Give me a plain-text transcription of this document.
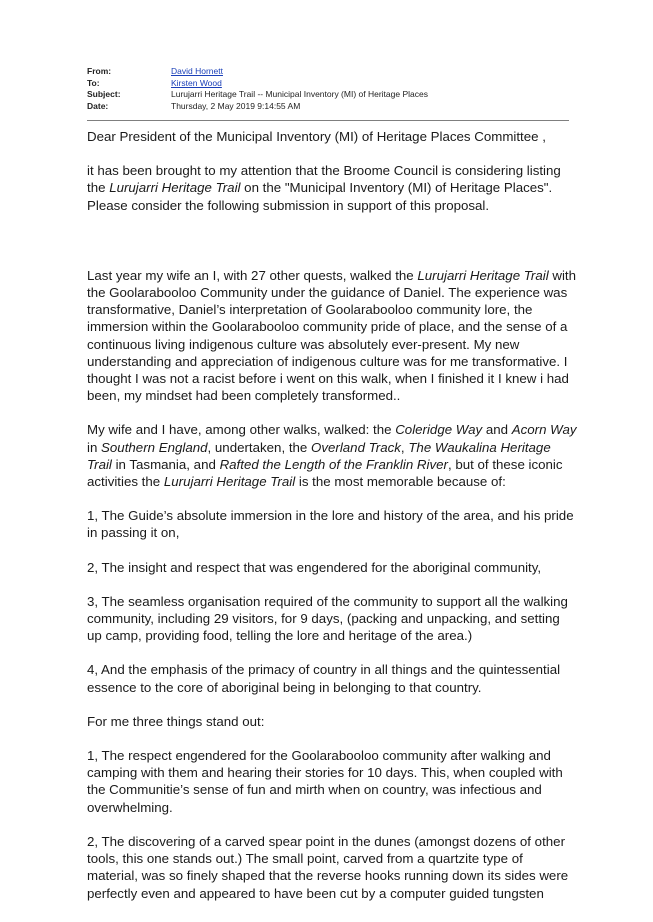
From:	David Hornett
To:	Kirsten Wood
Subject:	Lurujarri Heritage Trail -- Municipal Inventory (MI) of Heritage Places
Date:	Thursday, 2 May 2019 9:14:55 AM

Dear President of the Municipal Inventory (MI) of Heritage Places Committee ,

it has been brought to my attention that the Broome Council is considering listing the Lurujarri Heritage Trail on the "Municipal Inventory (MI) of Heritage Places". Please consider the following submission in support of this proposal.

Last year my wife an I, with 27 other quests, walked the Lurujarri Heritage Trail with the Goolarabooloo Community under the guidance of Daniel. The experience was transformative, Daniel’s interpretation of Goolarabooloo community lore, the immersion within the Goolarabooloo community pride of place, and the sense of a continuous living indigenous culture was absolutely ever-present. My new understanding and appreciation of indigenous culture was for me transformative. I thought I was not a racist before i went on this walk, when I finished it I knew i had been, my mindset had been completely transformed..

My wife and I have, among other walks, walked: the Coleridge Way and Acorn Way in Southern England, undertaken, the Overland Track, The Waukalina Heritage Trail in Tasmania, and Rafted the Length of the Franklin River, but of these iconic activities the Lurujarri Heritage Trail is the most memorable because of:

1, The Guide’s absolute immersion in the lore and history of the area, and his pride in passing it on,

2, The insight and respect that was engendered for the aboriginal community,

3, The seamless organisation required of the community to support all the walking community, including 29 visitors, for 9 days, (packing and unpacking, and setting up camp, providing food, telling the lore and heritage of the area.)

4, And the emphasis of the primacy of country in all things and the quintessential essence to the core of aboriginal being in belonging to that country.

For me three things stand out:

1, The respect engendered for the Goolarabooloo community after walking and camping with them and hearing their stories for 10 days. This, when coupled with the Communitie’s sense of fun and mirth when on country, was infectious and overwhelming.

2, The discovering of a carved spear point in the dunes (amongst dozens of other tools, this one stands out.) The small point, carved from a quartzite type of material, was so finely shaped that the reverse hooks running down its sides were perfectly even and appeared to have been cut by a computer guided tungsten
